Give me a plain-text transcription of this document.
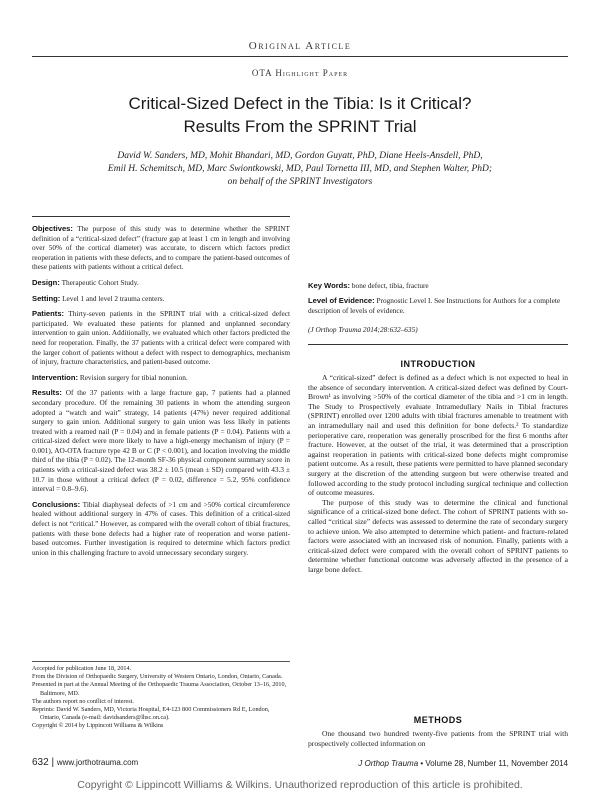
Original Article
OTA Highlight Paper
Critical-Sized Defect in the Tibia: Is it Critical?
Results From the SPRINT Trial
David W. Sanders, MD, Mohit Bhandari, MD, Gordon Guyatt, PhD, Diane Heels-Ansdell, PhD,
Emil H. Schemitsch, MD, Marc Swiontkowski, MD, Paul Tornetta III, MD, and Stephen Walter, PhD;
on behalf of the SPRINT Investigators

Objectives: The purpose of this study was to determine whether the SPRINT definition of a “critical-sized defect” (fracture gap at least 1 cm in length and involving over 50% of the cortical diameter) was accurate, to discern which factors predict reoperation in patients with these defects, and to compare the patient-based outcomes of these patients with patients without a critical defect.

Design: Therapeutic Cohort Study.

Setting: Level 1 and level 2 trauma centers.

Patients: Thirty-seven patients in the SPRINT trial with a critical-sized defect participated. We evaluated these patients for planned and unplanned secondary intervention to gain union. Additionally, we evaluated which other factors predicted the need for reoperation. Finally, the 37 patients with a critical defect were compared with the larger cohort of patients without a defect with respect to demographics, mechanism of injury, fracture characteristics, and patient-based outcome.

Intervention: Revision surgery for tibial nonunion.

Results: Of the 37 patients with a large fracture gap, 7 patients had a planned secondary procedure. Of the remaining 30 patients in whom the attending surgeon adopted a “watch and wait” strategy, 14 patients (47%) never required additional surgery to gain union. Additional surgery to gain union was less likely in patients treated with a reamed nail (P = 0.04) and in female patients (P = 0.04). Patients with a critical-sized defect were more likely to have a high-energy mechanism of injury (P = 0.001), AO-OTA fracture type 42 B or C (P < 0.001), and location involving the middle third of the tibia (P = 0.02). The 12-month SF-36 physical component summary score in patients with a critical-sized defect was 38.2 ± 10.5 (mean ± SD) compared with 43.3 ± 10.7 in those without a critical defect (P = 0.02, difference = 5.2, 95% confidence interval = 0.8–9.6).

Conclusions: Tibial diaphyseal defects of >1 cm and >50% cortical circumference healed without additional surgery in 47% of cases. This definition of a critical-sized defect is not “critical.” However, as compared with the overall cohort of tibial fractures, patients with these bone defects had a higher rate of reoperation and worse patient-based outcomes. Further investigation is required to determine which factors predict union in this challenging fracture to avoid unnecessary secondary surgery.

Accepted for publication June 18, 2014.
From the Division of Orthopaedic Surgery, University of Western Ontario, London, Ontario, Canada.
Presented in part at the Annual Meeting of the Orthopaedic Trauma Association, October 13–16, 2010, Baltimore, MD.
The authors report no conflict of interest.
Reprints: David W. Sanders, MD, Victoria Hospital, E4-123 800 Commissioners Rd E, London, Ontario, Canada (e-mail: davidsanders@lhsc.on.ca).
Copyright © 2014 by Lippincott Williams & Wilkins
Key Words: bone defect, tibia, fracture
Level of Evidence: Prognostic Level I. See Instructions for Authors for a complete description of levels of evidence.
(J Orthop Trauma 2014;28:632–635)
INTRODUCTION

A “critical-sized” defect is defined as a defect which is not expected to heal in the absence of secondary intervention. A critical-sized defect was defined by Court-Brown¹ as involving >50% of the cortical diameter of the tibia and >1 cm in length. The Study to Prospectively evaluate Intramedullary Nails in Tibial fractures (SPRINT) enrolled over 1200 adults with tibial fractures amenable to treatment with an intramedullary nail and used this definition for bone defects.² To standardize perioperative care, reoperation was generally proscribed for the first 6 months after fracture. However, at the outset of the trial, it was determined that a proscription against reoperation in patients with critical-sized bone defects might compromise patient outcome. As a result, these patients were permitted to have planned secondary surgery at the discretion of the attending surgeon but were otherwise treated and followed according to the study protocol including surgical technique and collection of outcome measures.

The purpose of this study was to determine the clinical and functional significance of a critical-sized bone defect. The cohort of SPRINT patients with so-called “critical size” defects was assessed to determine the rate of secondary surgery to achieve union. We also attempted to determine which patient- and fracture-related factors were associated with an increased risk of nonunion. Finally, patients with a critical-sized defect were compared with the overall cohort of SPRINT patients to determine whether functional outcome was adversely affected in the presence of a large bone defect.

METHODS

One thousand two hundred twenty-five patients from the SPRINT trial with prospectively collected information on

632 | www.jorthotrauma.com	J Orthop Trauma • Volume 28, Number 11, November 2014
Copyright © Lippincott Williams & Wilkins. Unauthorized reproduction of this article is prohibited.
